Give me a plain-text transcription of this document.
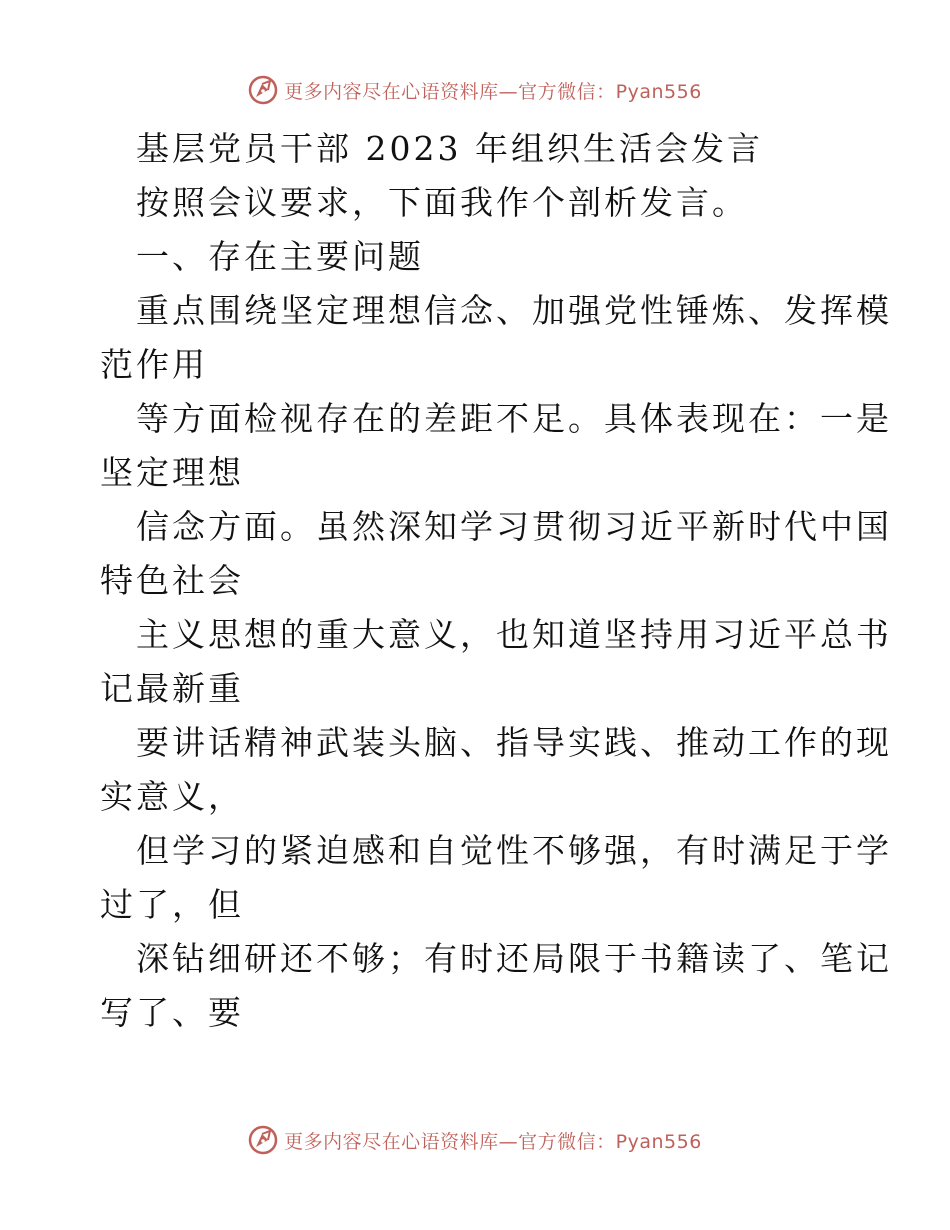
更多内容尽在心语资料库—官方微信：Pyan556
基层党员干部 2023 年组织生活会发言
按照会议要求，下面我作个剖析发言。
一、存在主要问题
重点围绕坚定理想信念、加强党性锤炼、发挥模
范作用
等方面检视存在的差距不足。具体表现在：一是
坚定理想
信念方面。虽然深知学习贯彻习近平新时代中国
特色社会
主义思想的重大意义，也知道坚持用习近平总书
记最新重
要讲话精神武装头脑、指导实践、推动工作的现
实意义，
但学习的紧迫感和自觉性不够强，有时满足于学
过了，但
深钻细研还不够；有时还局限于书籍读了、笔记
写了、要
更多内容尽在心语资料库—官方微信：Pyan556
